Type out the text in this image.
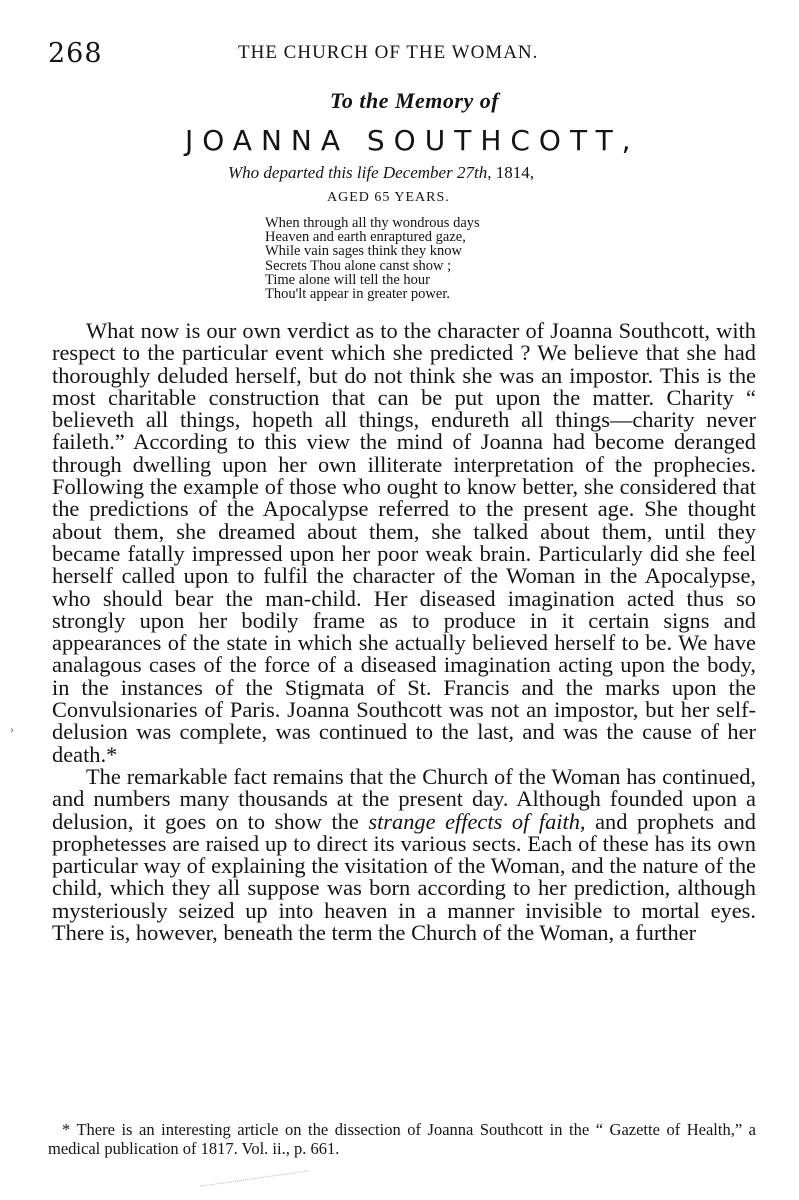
268	THE CHURCH OF THE WOMAN.
To the Memory of
JOANNA SOUTHCOTT,
Who departed this life December 27th, 1814,
AGED 65 YEARS.
When through all thy wondrous days
Heaven and earth enraptured gaze,
While vain sages think they know
Secrets Thou alone canst show ;
Time alone will tell the hour
Thou'lt appear in greater power.

What now is our own verdict as to the character of Joanna Southcott, with respect to the particular event which she predicted ? We believe that she had thoroughly deluded herself, but do not think she was an impostor. This is the most charitable construction that can be put upon the matter. Charity “ believeth all things, hopeth all things, endureth all things—charity never faileth.” According to this view the mind of Joanna had become deranged through dwelling upon her own illiterate interpretation of the prophecies. Following the example of those who ought to know better, she considered that the predictions of the Apocalypse referred to the present age. She thought about them, she dreamed about them, she talked about them, until they became fatally impressed upon her poor weak brain. Particularly did she feel herself called upon to fulfil the character of the Woman in the Apocalypse, who should bear the man-child. Her diseased imagination acted thus so strongly upon her bodily frame as to produce in it certain signs and appearances of the state in which she actually believed herself to be. We have analagous cases of the force of a diseased imagination acting upon the body, in the instances of the Stigmata of St. Francis and the marks upon the Convulsionaries of Paris. Joanna Southcott was not an impostor, but her self-delusion was complete, was continued to the last, and was the cause of her death.*

The remarkable fact remains that the Church of the Woman has continued, and numbers many thousands at the present day. Although founded upon a delusion, it goes on to show the strange effects of faith, and prophets and prophetesses are raised up to direct its various sects. Each of these has its own particular way of explaining the visitation of the Woman, and the nature of the child, which they all suppose was born according to her prediction, although mysteriously seized up into heaven in a manner invisible to mortal eyes. There is, however, beneath the term the Church of the Woman, a further

* There is an interesting article on the dissection of Joanna Southcott in the “ Gazette of Health,” a medical publication of 1817. Vol. ii., p. 661.
›
